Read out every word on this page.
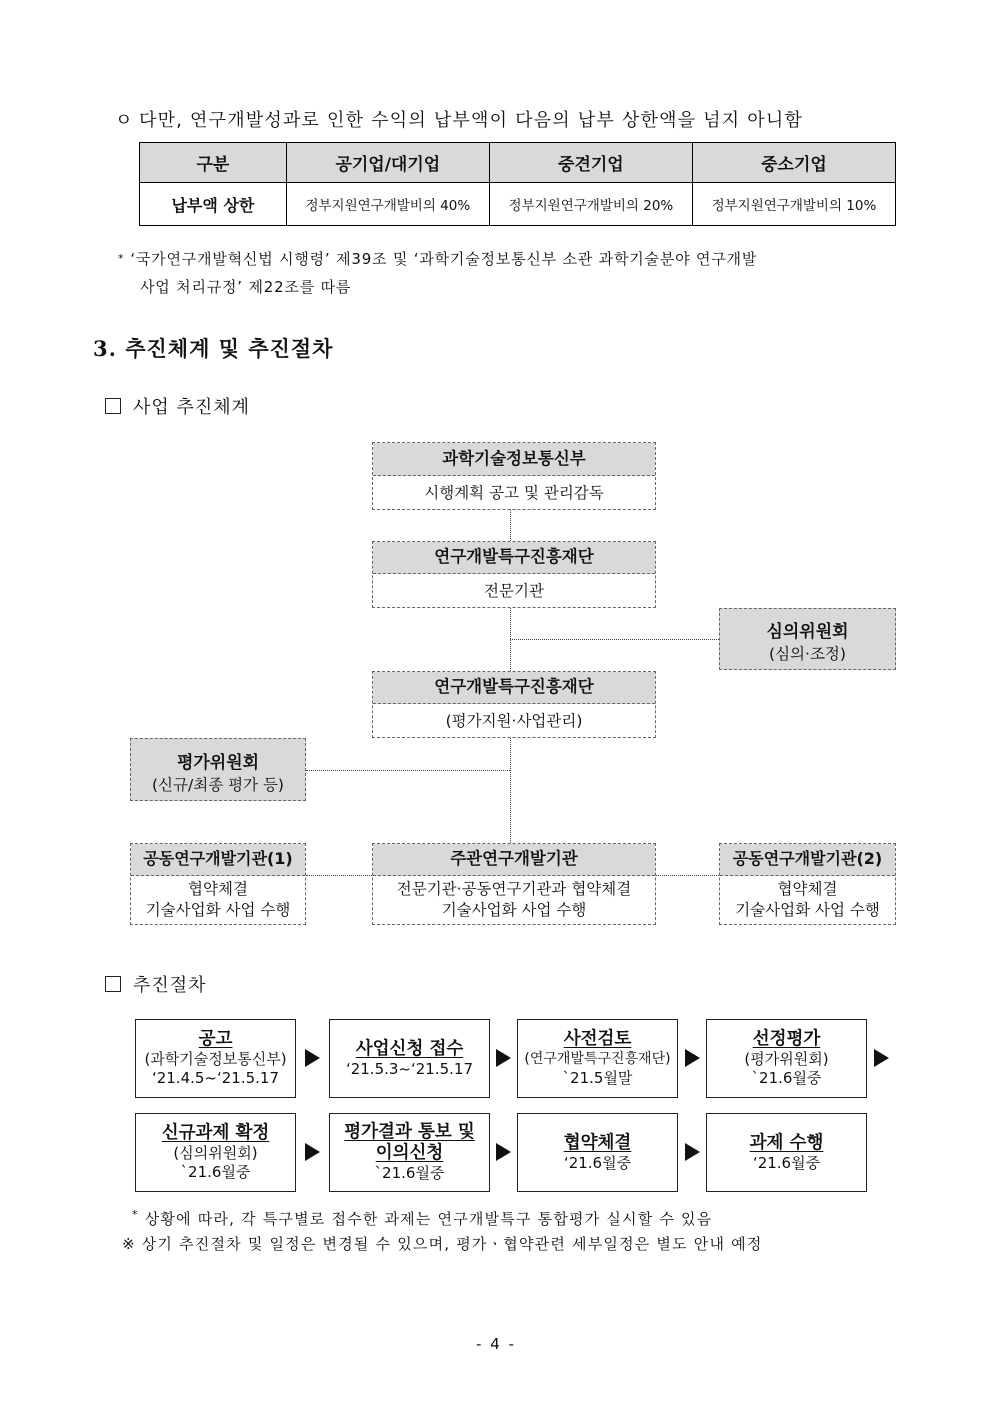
ㅇ 다만, 연구개발성과로 인한 수익의 납부액이 다음의 납부 상한액을 넘지 아니함
구분	공기업/대기업	중견기업	중소기업
납부액 상한	정부지원연구개발비의 40%	정부지원연구개발비의 20%	정부지원연구개발비의 10%
* ‘국가연구개발혁신법 시행령’ 제39조 및 ‘과학기술정보통신부 소관 과학기술분야 연구개발
사업 처리규정’ 제22조를 따름
3. 추진체계 및 추진절차
사업 추진체계
과학기술정보통신부
시행계획 공고 및 관리감독
연구개발특구진흥재단
전문기관
심의위원회
(심의·조정)
연구개발특구진흥재단
(평가지원·사업관리)
평가위원회
(신규/최종 평가 등)
공동연구개발기관(1)
협약체결
기술사업화 사업 수행
주관연구개발기관
전문기관·공동연구기관과 협약체결
기술사업화 사업 수행
공동연구개발기관(2)
협약체결
기술사업화 사업 수행
추진절차
공고
(과학기술정보통신부)
‘21.4.5~‘21.5.17
사업신청 접수
‘21.5.3~‘21.5.17
사전검토
(연구개발특구진흥재단)
`21.5월말
선정평가
(평가위원회)
`21.6월중
신규과제 확정
(심의위원회)
`21.6월중
평가결과 통보 및 이의신청
`21.6월중
협약체결
‘21.6월중
과제 수행
‘21.6월중
* 상황에 따라, 각 특구별로 접수한 과제는 연구개발특구 통합평가 실시할 수 있음
※ 상기 추진절차 및 일정은 변경될 수 있으며, 평가ㆍ협약관련 세부일정은 별도 안내 예정
- 4 -
